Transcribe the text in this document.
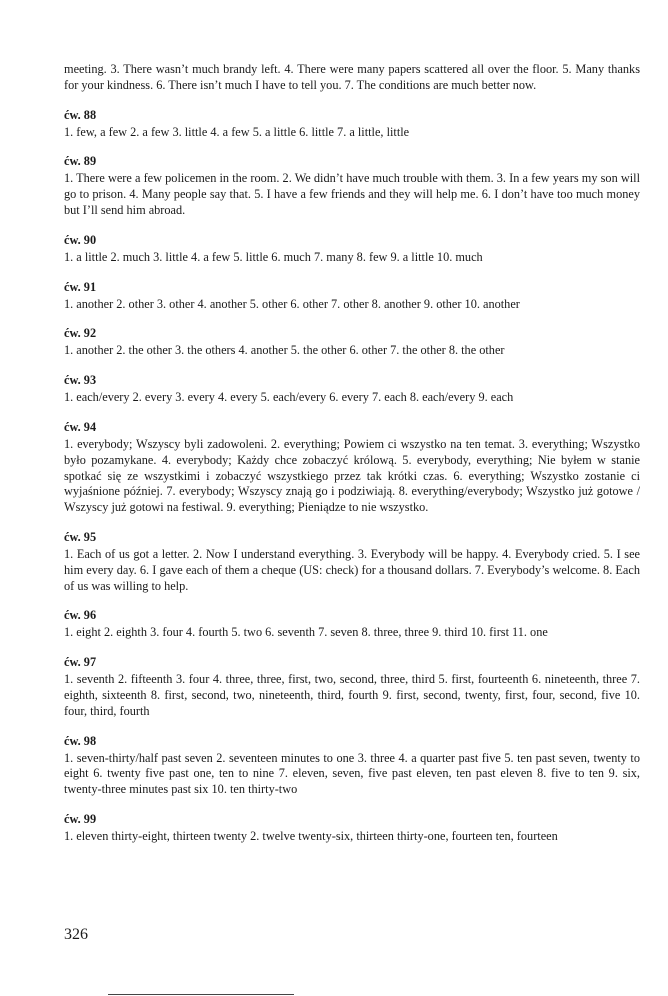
meeting. 3. There wasn’t much brandy left. 4. There were many papers scattered all over the floor. 5. Many thanks for your kindness. 6. There isn’t much I have to tell you. 7. The conditions are much better now.

ćw. 88

1. few, a few 2. a few 3. little 4. a few 5. a little 6. little 7. a little, little

ćw. 89

1. There were a few policemen in the room. 2. We didn’t have much trouble with them. 3. In a few years my son will go to prison. 4. Many people say that. 5. I have a few friends and they will help me. 6. I don’t have too much money but I’ll send him abroad.

ćw. 90

1. a little 2. much 3. little 4. a few 5. little 6. much 7. many 8. few 9. a little 10. much

ćw. 91

1. another 2. other 3. other 4. another 5. other 6. other 7. other 8. another 9. other 10. another

ćw. 92

1. another 2. the other 3. the others 4. another 5. the other 6. other 7. the other 8. the other

ćw. 93

1. each/every 2. every 3. every 4. every 5. each/every 6. every 7. each 8. each/every 9. each

ćw. 94

1. everybody; Wszyscy byli zadowoleni. 2. everything; Powiem ci wszystko na ten temat. 3. everything; Wszystko było pozamykane. 4. everybody; Każdy chce zobaczyć królową. 5. everybody, everything; Nie byłem w stanie spotkać się ze wszystkimi i zobaczyć wszystkiego przez tak krótki czas. 6. everything; Wszystko zostanie ci wyjaśnione później. 7. everybody; Wszyscy znają go i podziwiają. 8. everything/everybody; Wszystko już gotowe / Wszyscy już gotowi na festiwal. 9. everything; Pieniądze to nie wszystko.

ćw. 95

1. Each of us got a letter. 2. Now I understand everything. 3. Everybody will be happy. 4. Everybody cried. 5. I see him every day. 6. I gave each of them a cheque (US: check) for a thousand dollars. 7. Everybody’s welcome. 8. Each of us was willing to help.

ćw. 96

1. eight 2. eighth 3. four 4. fourth 5. two 6. seventh 7. seven 8. three, three 9. third 10. first 11. one

ćw. 97

1. seventh 2. fifteenth 3. four 4. three, three, first, two, second, three, third 5. first, fourteenth 6. nineteenth, three 7. eighth, sixteenth 8. first, second, two, nineteenth, third, fourth 9. first, second, twenty, first, four, second, five 10. four, third, fourth

ćw. 98

1. seven-thirty/half past seven 2. seventeen minutes to one 3. three 4. a quarter past five 5. ten past seven, twenty to eight 6. twenty five past one, ten to nine 7. eleven, seven, five past eleven, ten past eleven 8. five to ten 9. six, twenty-three minutes past six 10. ten thirty-two

ćw. 99

1. eleven thirty-eight, thirteen twenty 2. twelve twenty-six, thirteen thirty-one, fourteen ten, fourteen

326
